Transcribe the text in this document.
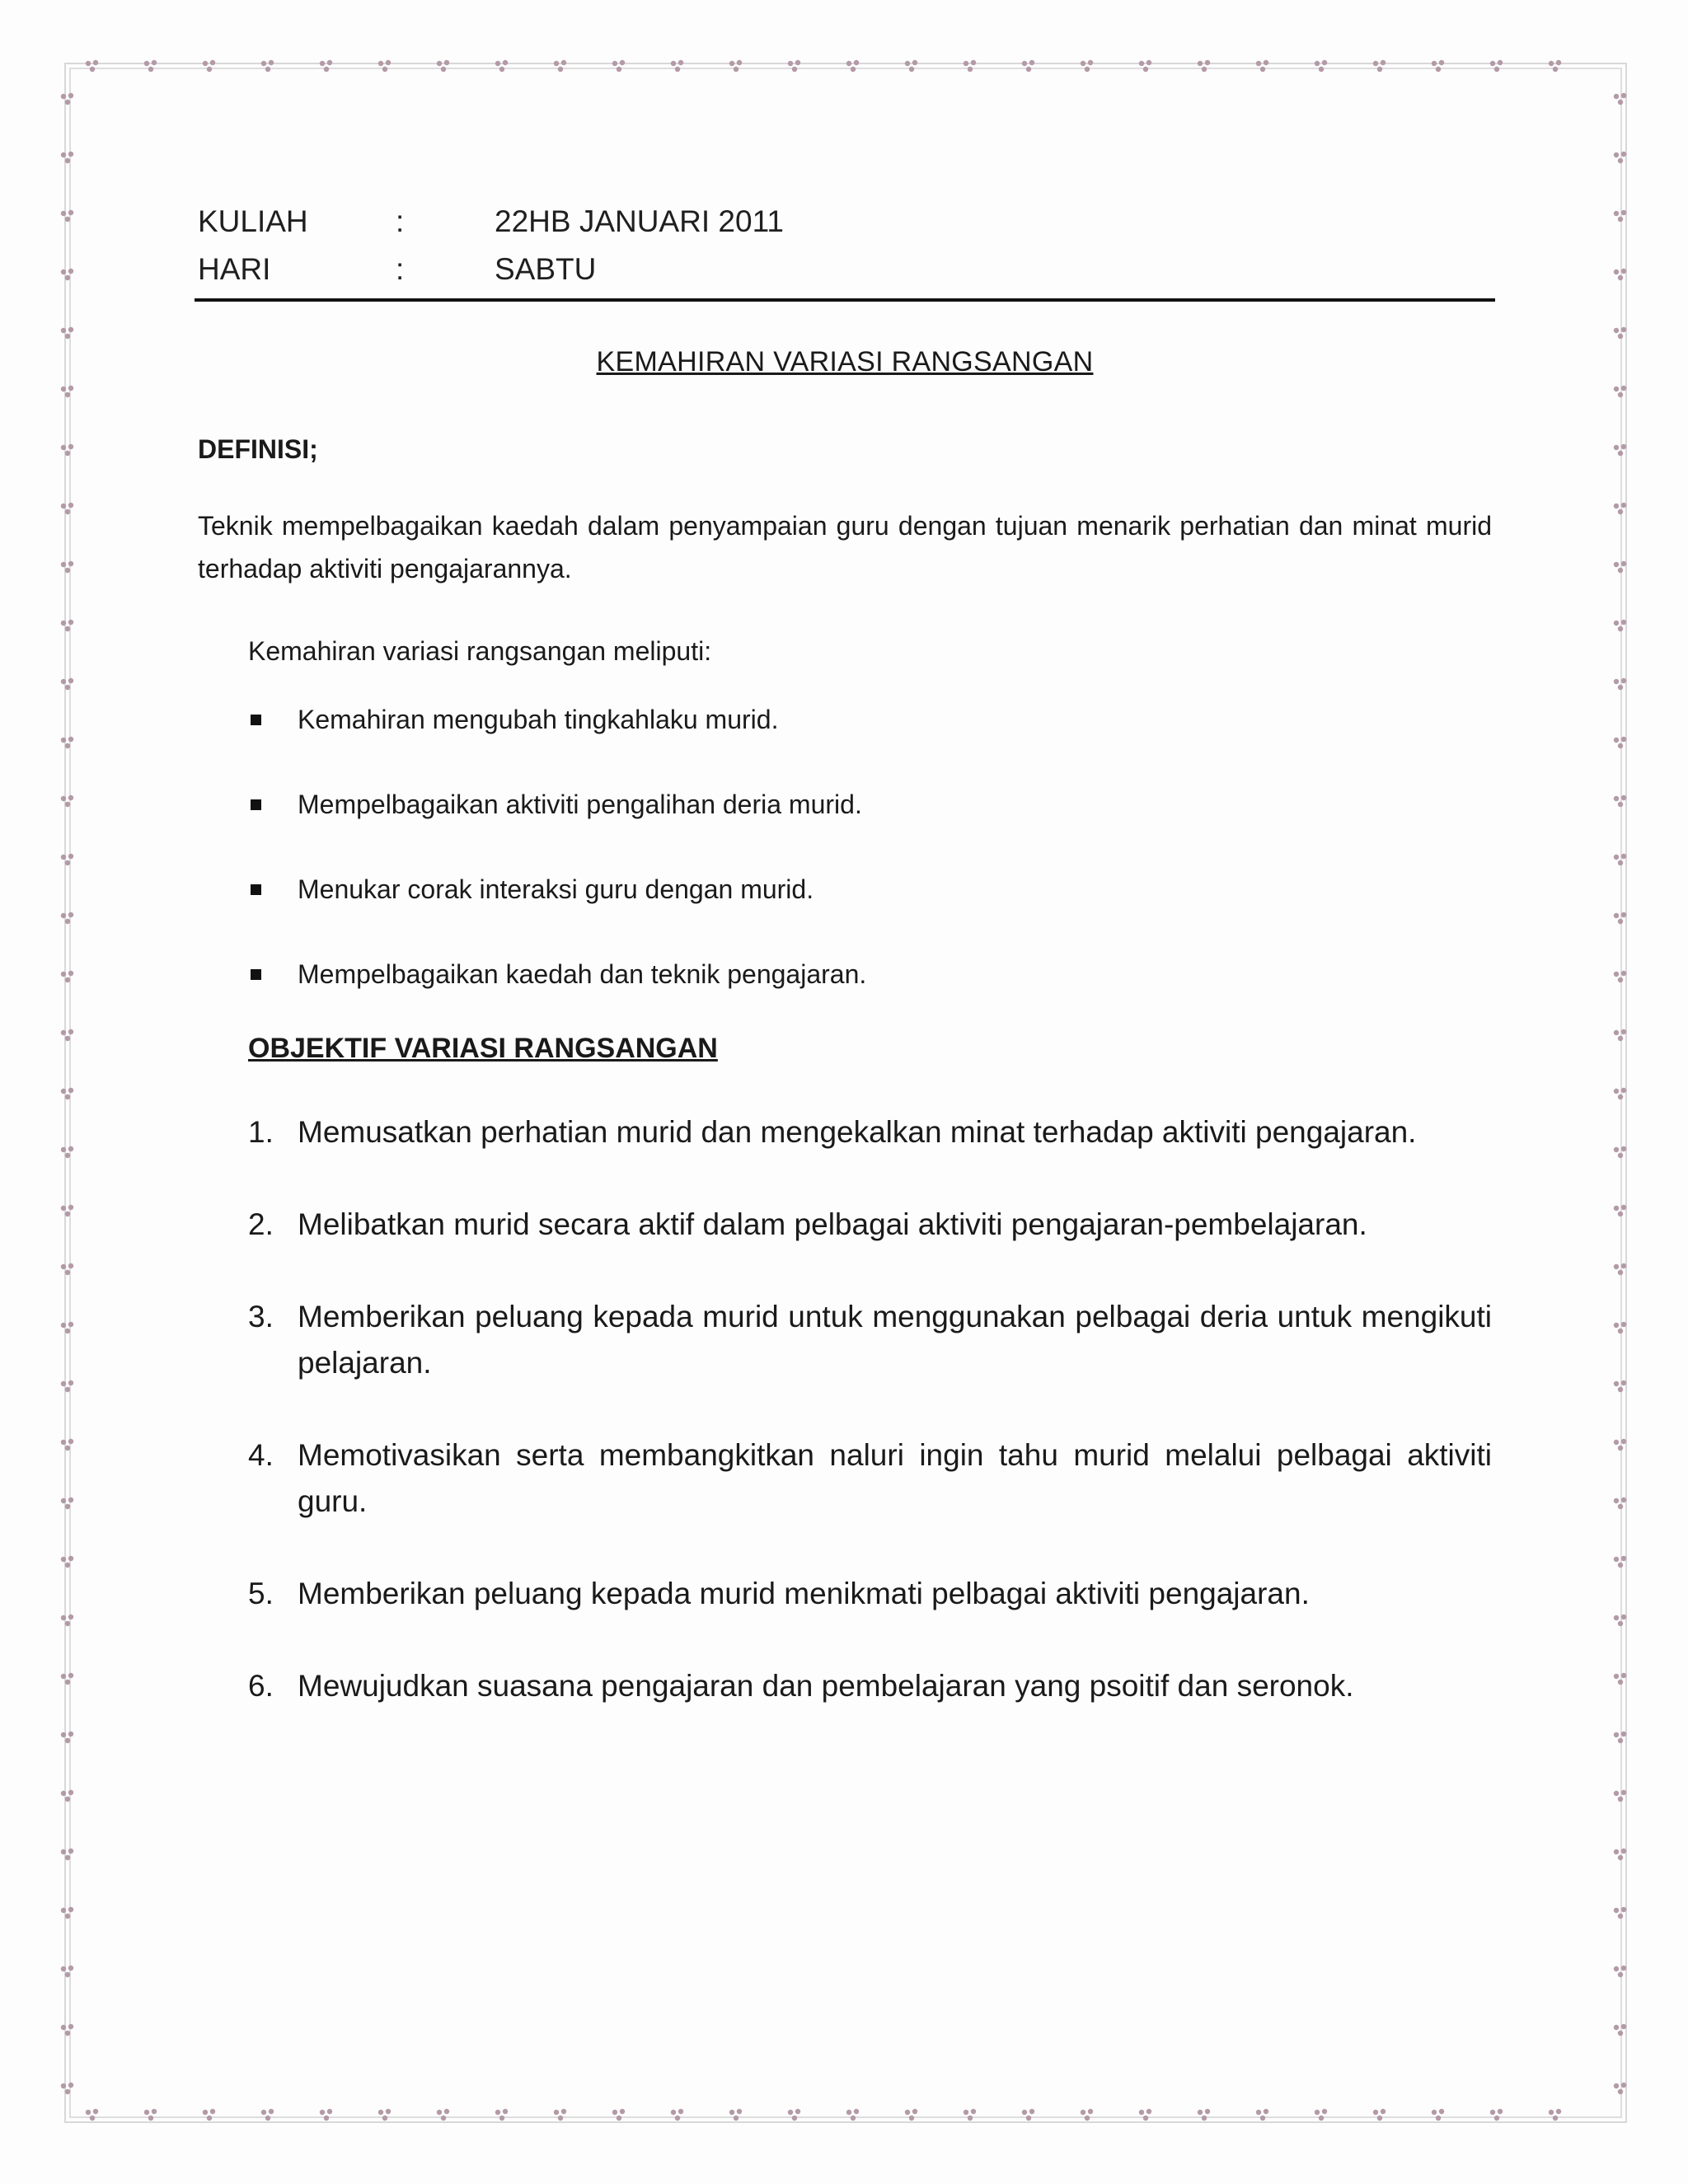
KULIAH	:	22HB JANUARI 2011
HARI	:	SABTU
KEMAHIRAN VARIASI RANGSANGAN
DEFINISI;
Teknik mempelbagaikan kaedah dalam penyampaian guru dengan tujuan menarik perhatian dan minat murid terhadap aktiviti pengajarannya.
Kemahiran variasi rangsangan meliputi:
Kemahiran mengubah tingkahlaku murid.
Mempelbagaikan aktiviti pengalihan deria murid.
Menukar corak interaksi guru dengan murid.
Mempelbagaikan kaedah dan teknik pengajaran.
OBJEKTIF VARIASI RANGSANGAN
1. Memusatkan perhatian murid dan mengekalkan minat terhadap aktiviti pengajaran.
2. Melibatkan murid secara aktif dalam pelbagai aktiviti pengajaran-pembelajaran.
3. Memberikan peluang kepada murid untuk menggunakan pelbagai deria untuk mengikuti pelajaran.
4. Memotivasikan serta membangkitkan naluri ingin tahu murid melalui pelbagai aktiviti guru.
5. Memberikan peluang kepada murid menikmati pelbagai aktiviti pengajaran.
6. Mewujudkan suasana pengajaran dan pembelajaran yang psoitif dan seronok.
